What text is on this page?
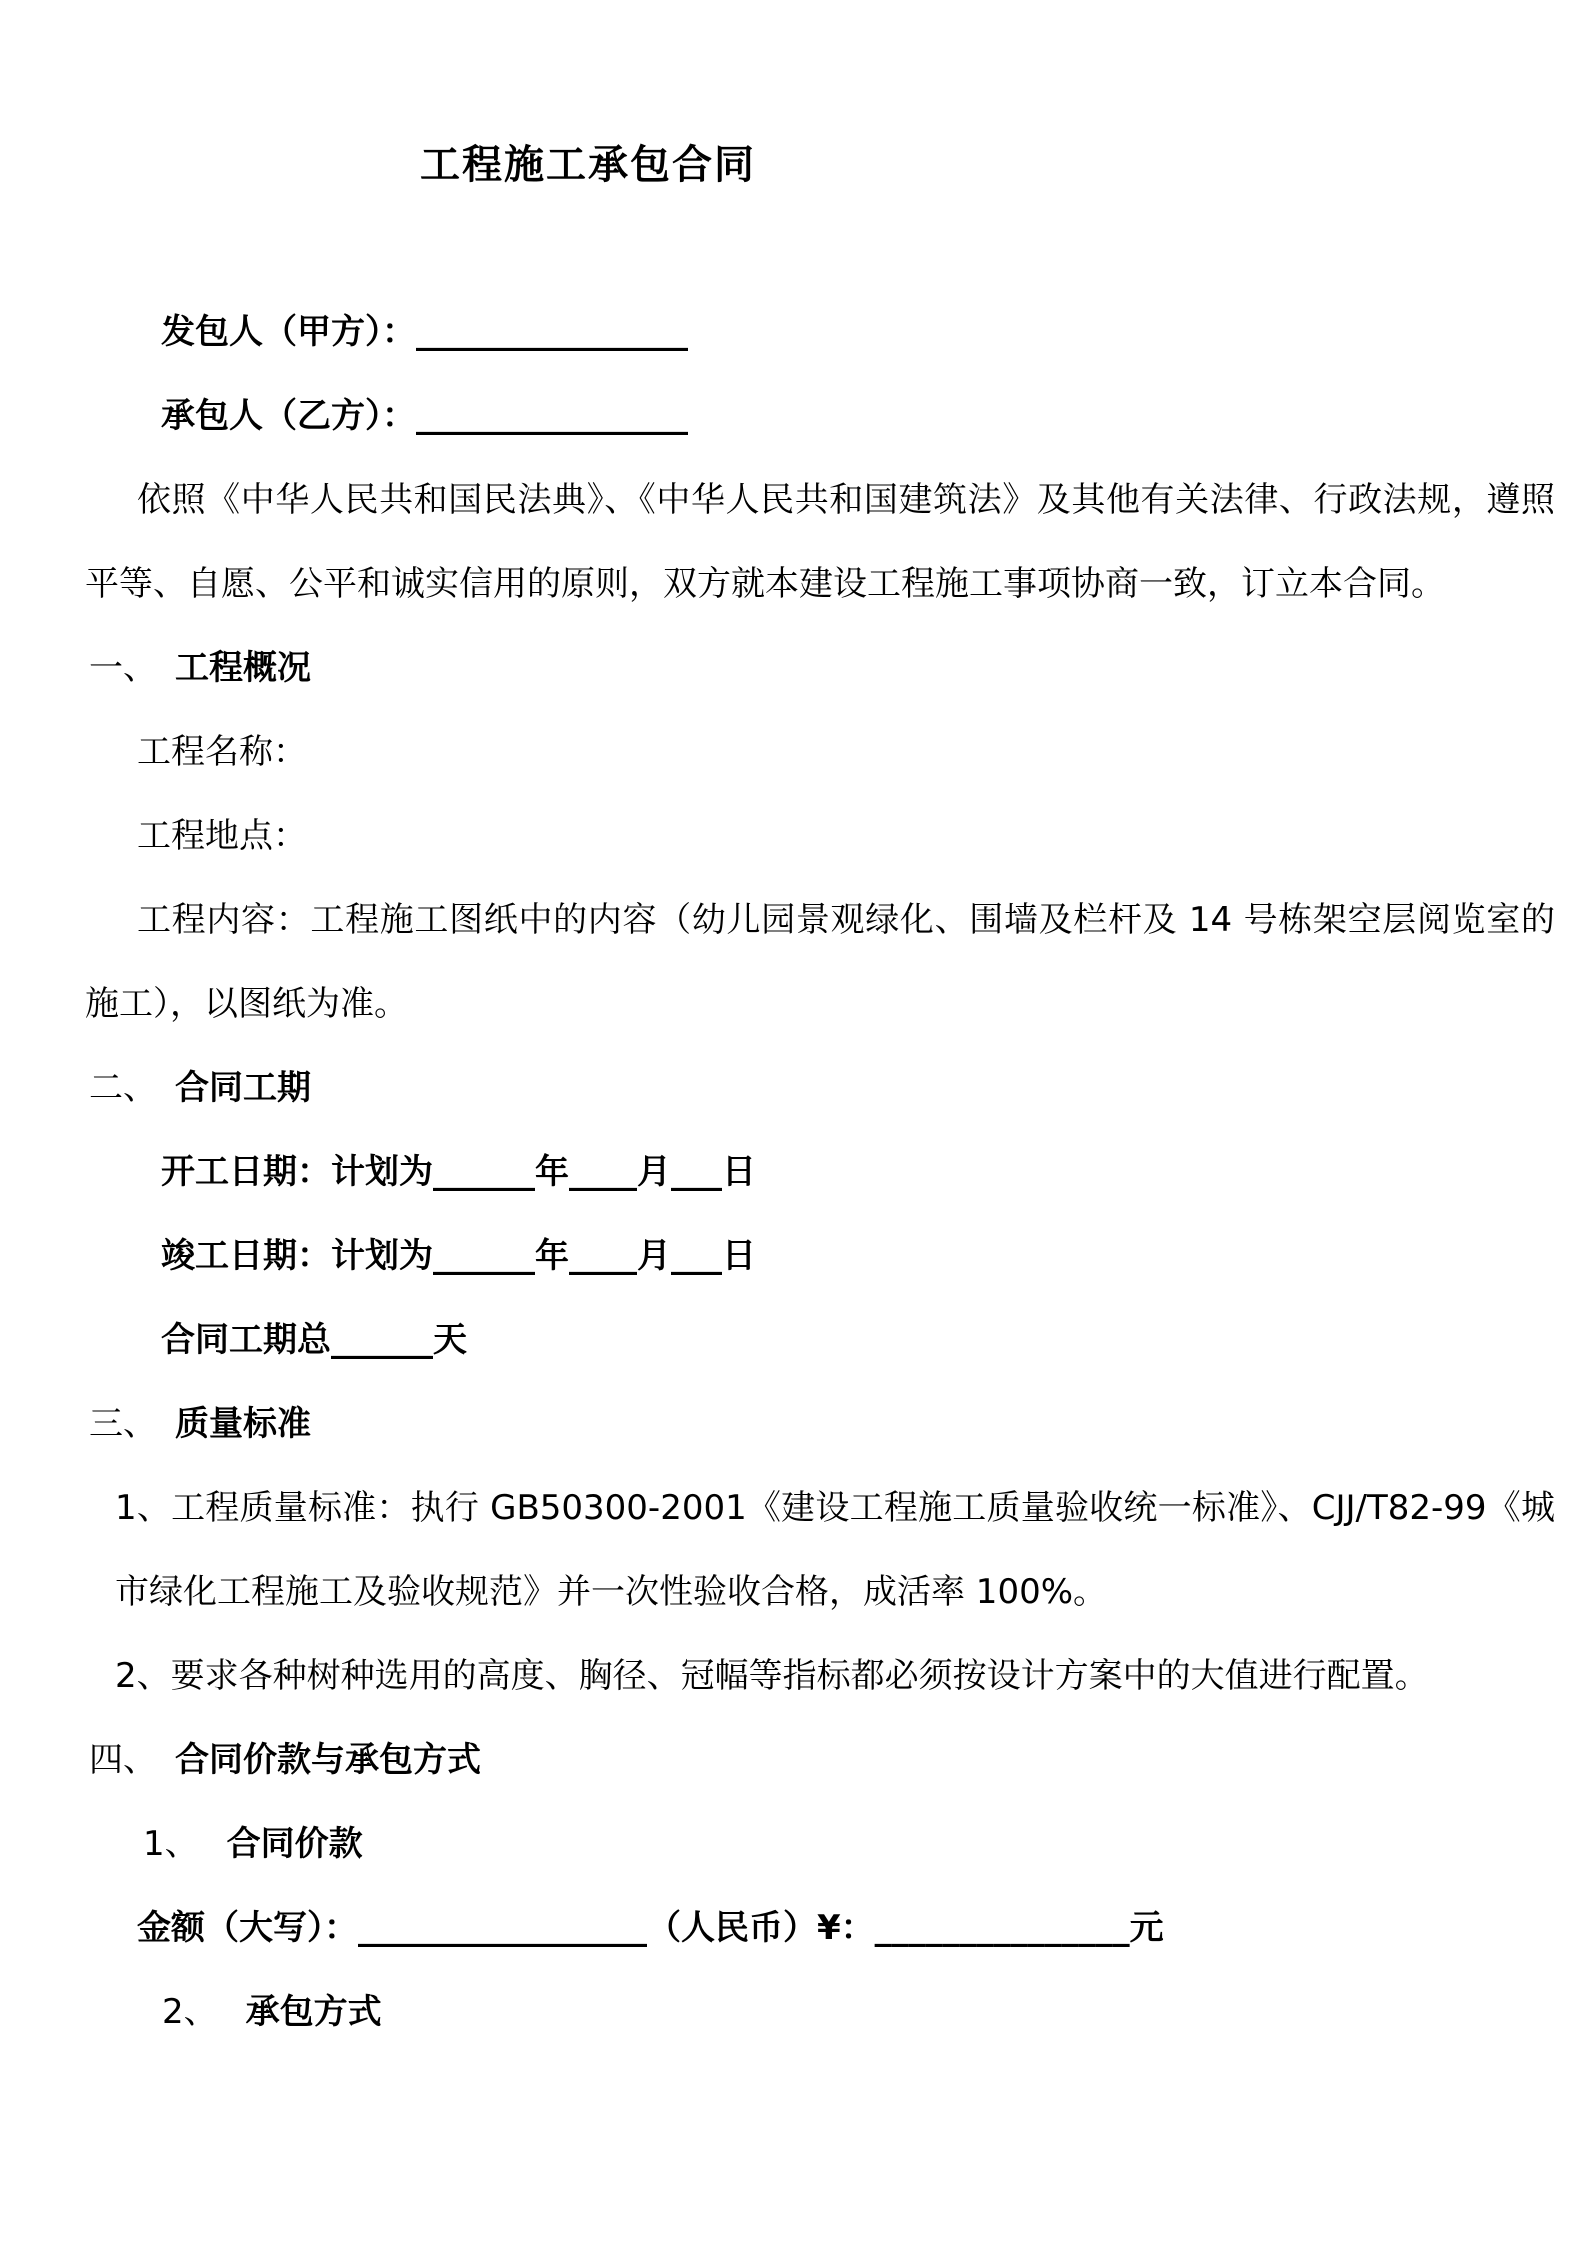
工程施工承包合同
发包人（甲方）：________________
承包人（乙方）：________________
依照《中华人民共和国民法典》、《中华人民共和国建筑法》及其他有关法律、行政法规，遵照平等、自愿、公平和诚实信用的原则，双方就本建设工程施工事项协商一致，订立本合同。
一、 工程概况
工程名称：
工程地点：
工程内容：工程施工图纸中的内容（幼儿园景观绿化、围墙及栏杆及 14 号栋架空层阅览室的施工），以图纸为准。
二、 合同工期
开工日期：计划为______年____月___日
竣工日期：计划为______年____月___日
合同工期总______天
三、 质量标准
1、工程质量标准：执行 GB50300-2001《建设工程施工质量验收统一标准》、CJJ/T82-99《城市绿化工程施工及验收规范》并一次性验收合格，成活率 100%。
2、要求各种树种选用的高度、胸径、冠幅等指标都必须按设计方案中的大值进行配置。
四、 合同价款与承包方式
1、 合同价款
金额（大写）：_________________（人民币）¥：_______________元
2、 承包方式
